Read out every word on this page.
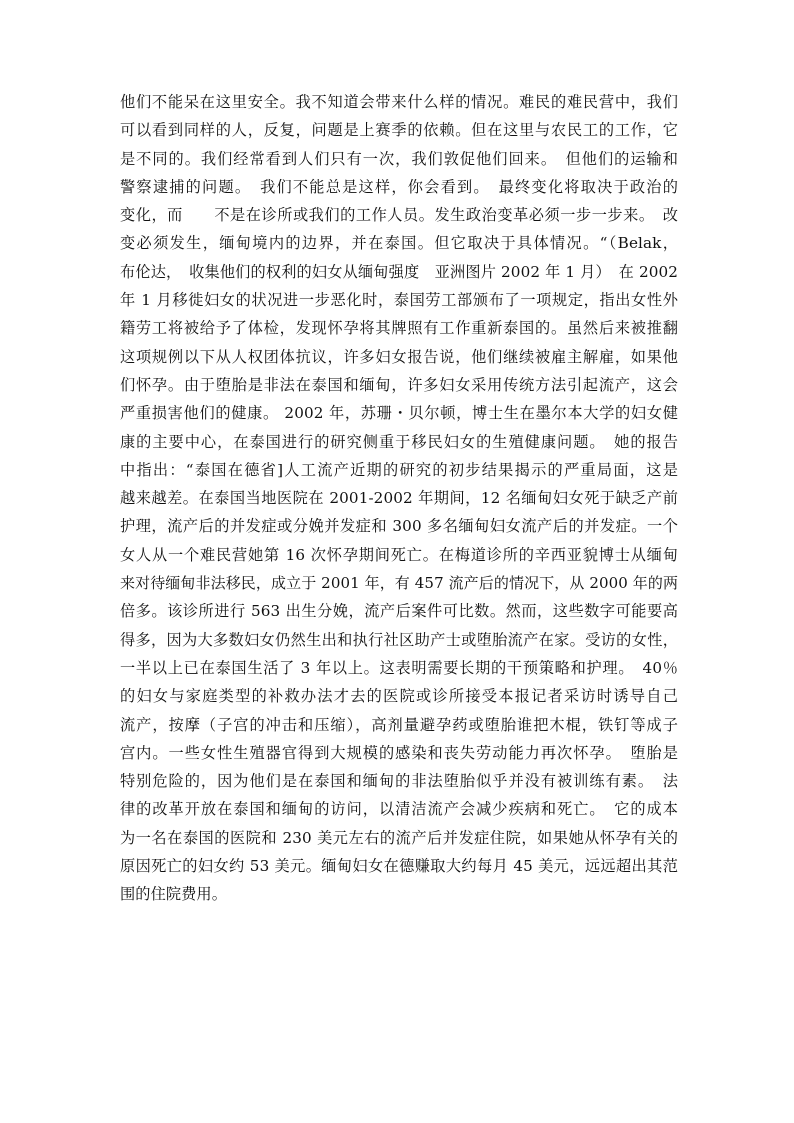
他们不能呆在这里安全。我不知道会带来什么样的情况。难民的难民营中，我们
可以看到同样的人，反复，问题是上赛季的依赖。但在这里与农民工的工作，它
是不同的。我们经常看到人们只有一次，我们敦促他们回来。　但他们的运输和
警察逮捕的问题。　我们不能总是这样，你会看到。　最终变化将取决于政治的
变化，而　　不是在诊所或我们的工作人员。发生政治变革必须一步一步来。　改
变必须发生，缅甸境内的边界，并在泰国。但它取决于具体情况。“（Belak，
布伦达，　收集他们的权利的妇女从缅甸强度　亚洲图片 2002 年 1 月）　在 2002
年 1 月移徙妇女的状况进一步恶化时，泰国劳工部颁布了一项规定，指出女性外
籍劳工将被给予了体检，发现怀孕将其牌照有工作重新泰国的。虽然后来被推翻
这项规例以下从人权团体抗议，许多妇女报告说，他们继续被雇主解雇，如果他
们怀孕。由于堕胎是非法在泰国和缅甸，许多妇女采用传统方法引起流产，这会
严重损害他们的健康。 2002 年，苏珊・贝尔顿，博士生在墨尔本大学的妇女健
康的主要中心，在泰国进行的研究侧重于移民妇女的生殖健康问题。　她的报告
中指出：“泰国在德省]人工流产近期的研究的初步结果揭示的严重局面，这是
越来越差。在泰国当地医院在 2001-2002 年期间，12 名缅甸妇女死于缺乏产前
护理，流产后的并发症或分娩并发症和 300 多名缅甸妇女流产后的并发症。一个
女人从一个难民营她第 16 次怀孕期间死亡。在梅道诊所的辛西亚貌博士从缅甸
来对待缅甸非法移民，成立于 2001 年，有 457 流产后的情况下，从 2000 年的两
倍多。该诊所进行 563 出生分娩，流产后案件可比数。然而，这些数字可能要高
得多，因为大多数妇女仍然生出和执行社区助产士或堕胎流产在家。受访的女性，
一半以上已在泰国生活了 3 年以上。这表明需要长期的干预策略和护理。　40％
的妇女与家庭类型的补救办法才去的医院或诊所接受本报记者采访时诱导自己
流产，按摩（子宫的冲击和压缩），高剂量避孕药或堕胎谁把木棍，铁钉等成子
宫内。一些女性生殖器官得到大规模的感染和丧失劳动能力再次怀孕。　堕胎是
特别危险的，因为他们是在泰国和缅甸的非法堕胎似乎并没有被训练有素。　法
律的改革开放在泰国和缅甸的访问，以清洁流产会减少疾病和死亡。　它的成本
为一名在泰国的医院和 230 美元左右的流产后并发症住院，如果她从怀孕有关的
原因死亡的妇女约 53 美元。缅甸妇女在德赚取大约每月 45 美元，远远超出其范
围的住院费用。
